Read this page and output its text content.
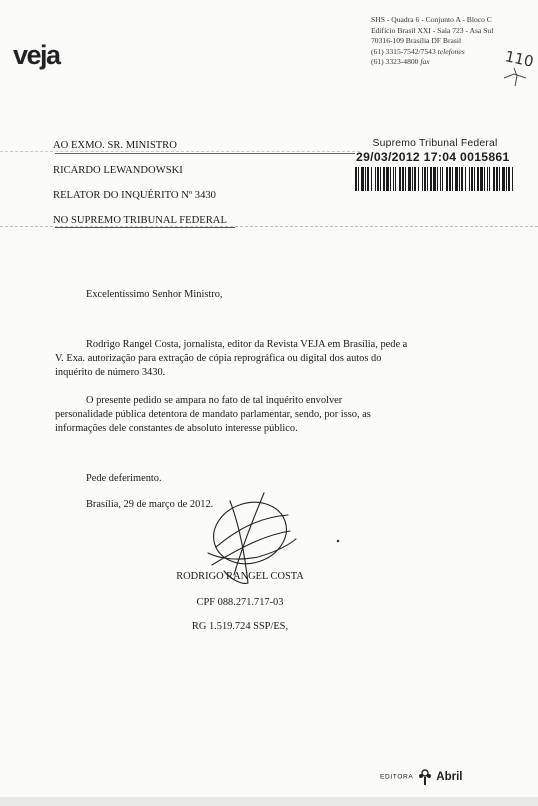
veja
SHS - Quadra 6 - Conjunto A - Bloco C
Edifício Brasil XXI - Sala 723 - Asa Sul
70316-109 Brasília DF Brasil
(61) 3315-7542/7543 telefones
(61) 3323-4800 fax	110
AO EXMO. SR. MINISTRO
RICARDO LEWANDOWSKI
RELATOR DO INQUÉRITO Nº 3430
NO SUPREMO TRIBUNAL FEDERAL
Supremo Tribunal Federal
29/03/2012 17:04 0015861
Excelentíssimo Senhor Ministro,
Rodrigo Rangel Costa, jornalista, editor da Revista VEJA em Brasília, pede a
V. Exa. autorização para extração de cópia reprográfica ou digital dos autos do
inquérito de número 3430.
O presente pedido se ampara no fato de tal inquérito envolver
personalidade pública detentora de mandato parlamentar, sendo, por isso, as
informações dele constantes de absoluto interesse público.
Pede deferimento.
Brasília, 29 de março de 2012.
RODRIGO RANGEL COSTA
CPF 088.271.717-03
RG 1.519.724 SSP/ES,
EDITORA Abril
